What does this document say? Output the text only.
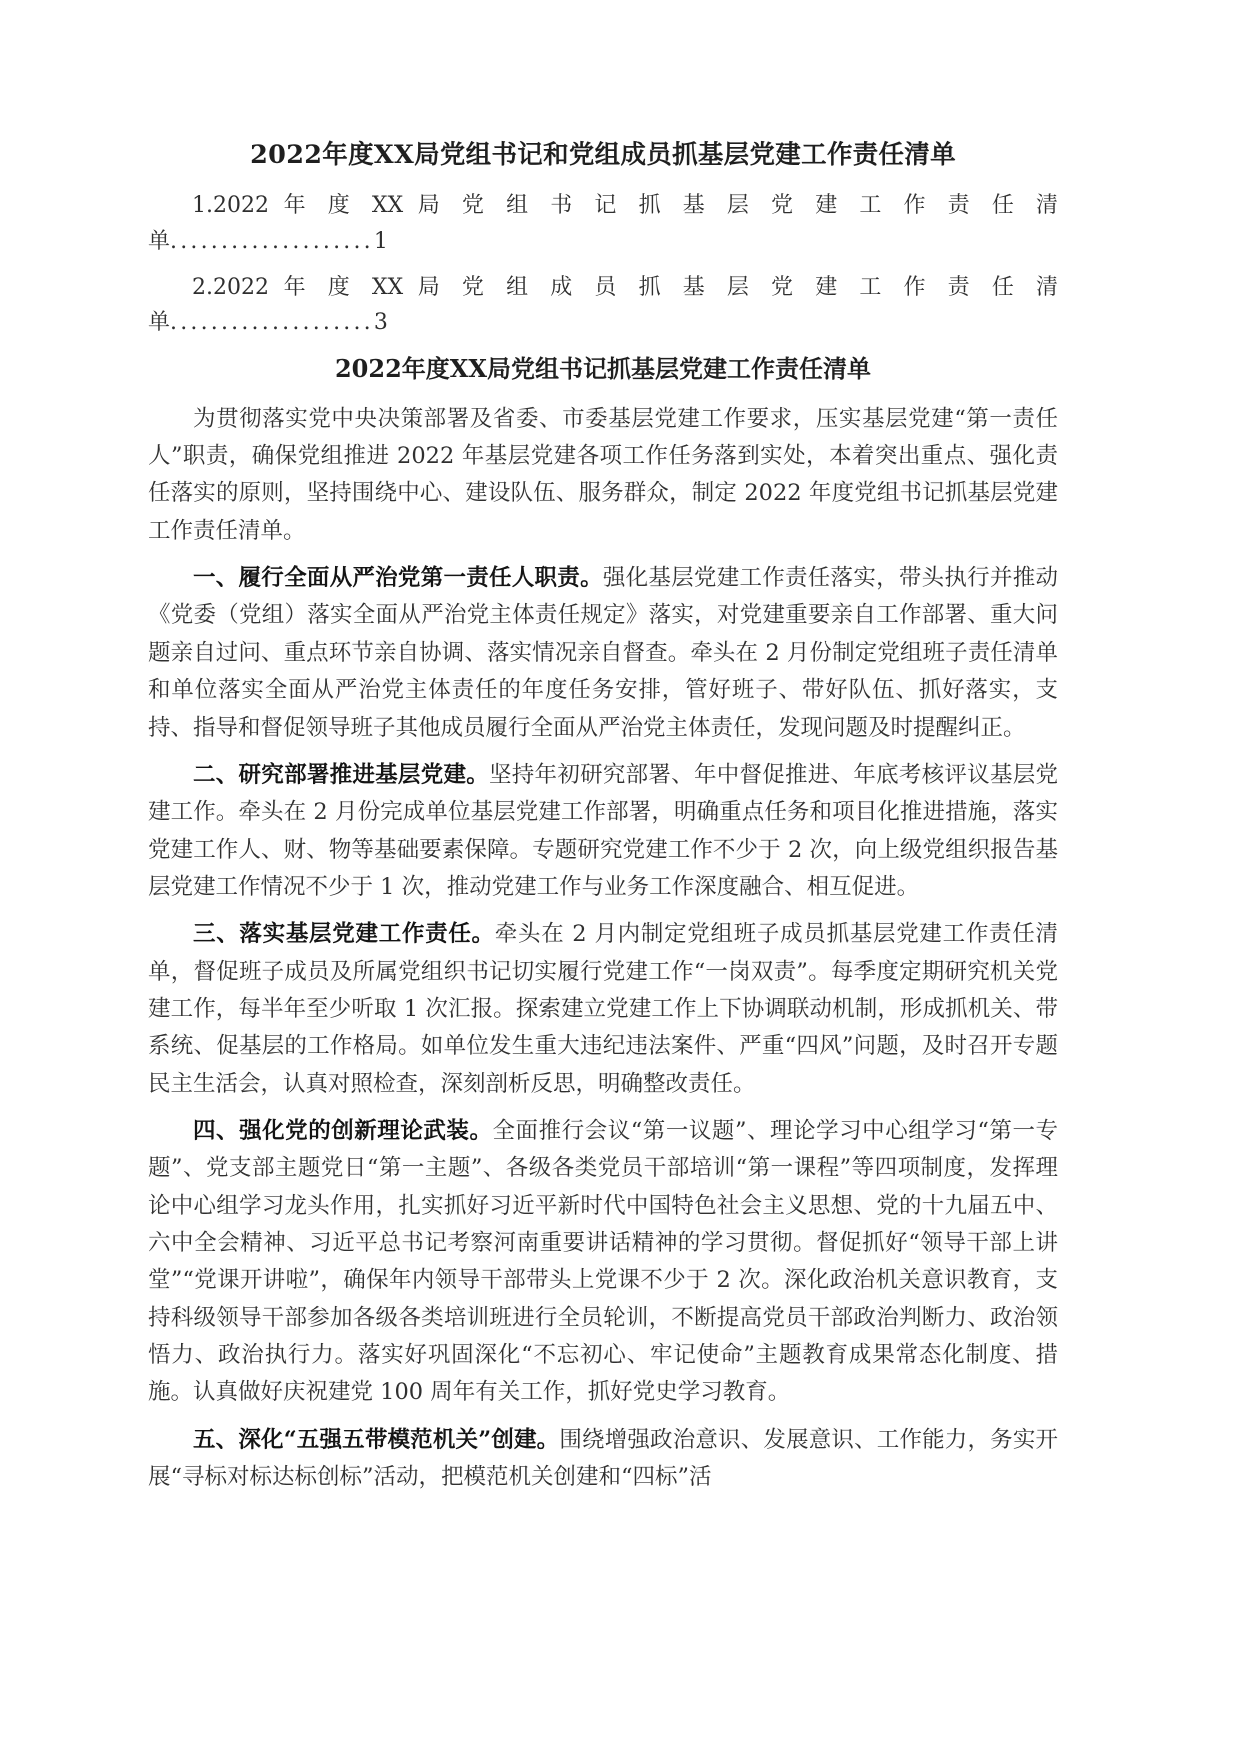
2022年度XX局党组书记和党组成员抓基层党建工作责任清单
1.2022 年 度 XX 局 党 组 书 记 抓 基 层 党 建 工 作 责 任 清
单....................1
2.2022 年 度 XX 局 党 组 成 员 抓 基 层 党 建 工 作 责 任 清
单....................3
2022年度XX局党组书记抓基层党建工作责任清单

为贯彻落实党中央决策部署及省委、市委基层党建工作要求，压实基层党建“第一责任人”职责，确保党组推进 2022 年基层党建各项工作任务落到实处，本着突出重点、强化责任落实的原则，坚持围绕中心、建设队伍、服务群众，制定 2022 年度党组书记抓基层党建工作责任清单。

一、履行全面从严治党第一责任人职责。强化基层党建工作责任落实，带头执行并推动《党委（党组）落实全面从严治党主体责任规定》落实，对党建重要亲自工作部署、重大问题亲自过问、重点环节亲自协调、落实情况亲自督查。牵头在 2 月份制定党组班子责任清单和单位落实全面从严治党主体责任的年度任务安排，管好班子、带好队伍、抓好落实，支持、指导和督促领导班子其他成员履行全面从严治党主体责任，发现问题及时提醒纠正。

二、研究部署推进基层党建。坚持年初研究部署、年中督促推进、年底考核评议基层党建工作。牵头在 2 月份完成单位基层党建工作部署，明确重点任务和项目化推进措施，落实党建工作人、财、物等基础要素保障。专题研究党建工作不少于 2 次，向上级党组织报告基层党建工作情况不少于 1 次，推动党建工作与业务工作深度融合、相互促进。

三、落实基层党建工作责任。牵头在 2 月内制定党组班子成员抓基层党建工作责任清单，督促班子成员及所属党组织书记切实履行党建工作“一岗双责”。每季度定期研究机关党建工作，每半年至少听取 1 次汇报。探索建立党建工作上下协调联动机制，形成抓机关、带系统、促基层的工作格局。如单位发生重大违纪违法案件、严重“四风”问题，及时召开专题民主生活会，认真对照检查，深刻剖析反思，明确整改责任。

四、强化党的创新理论武装。全面推行会议“第一议题”、理论学习中心组学习“第一专题”、党支部主题党日“第一主题”、各级各类党员干部培训“第一课程”等四项制度，发挥理论中心组学习龙头作用，扎实抓好习近平新时代中国特色社会主义思想、党的十九届五中、六中全会精神、习近平总书记考察河南重要讲话精神的学习贯彻。督促抓好“领导干部上讲堂”“党课开讲啦”，确保年内领导干部带头上党课不少于 2 次。深化政治机关意识教育，支持科级领导干部参加各级各类培训班进行全员轮训，不断提高党员干部政治判断力、政治领悟力、政治执行力。落实好巩固深化“不忘初心、牢记使命”主题教育成果常态化制度、措施。认真做好庆祝建党 100 周年有关工作，抓好党史学习教育。

五、深化“五强五带模范机关”创建。围绕增强政治意识、发展意识、工作能力，务实开展“寻标对标达标创标”活动，把模范机关创建和“四标”活
